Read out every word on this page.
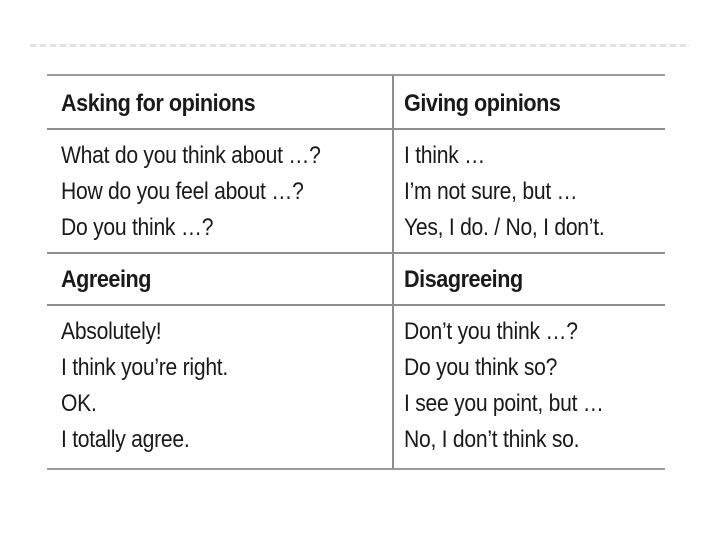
Asking for opinions	Giving opinions
What do you think about …?
How do you feel about …?
Do you think …?
I think …
I’m not sure, but …
Yes, I do. / No, I don’t.
Agreeing	Disagreeing
Absolutely!
I think you’re right.
OK.
I totally agree.
Don’t you think …?
Do you think so?
I see you point, but …
No, I don’t think so.
